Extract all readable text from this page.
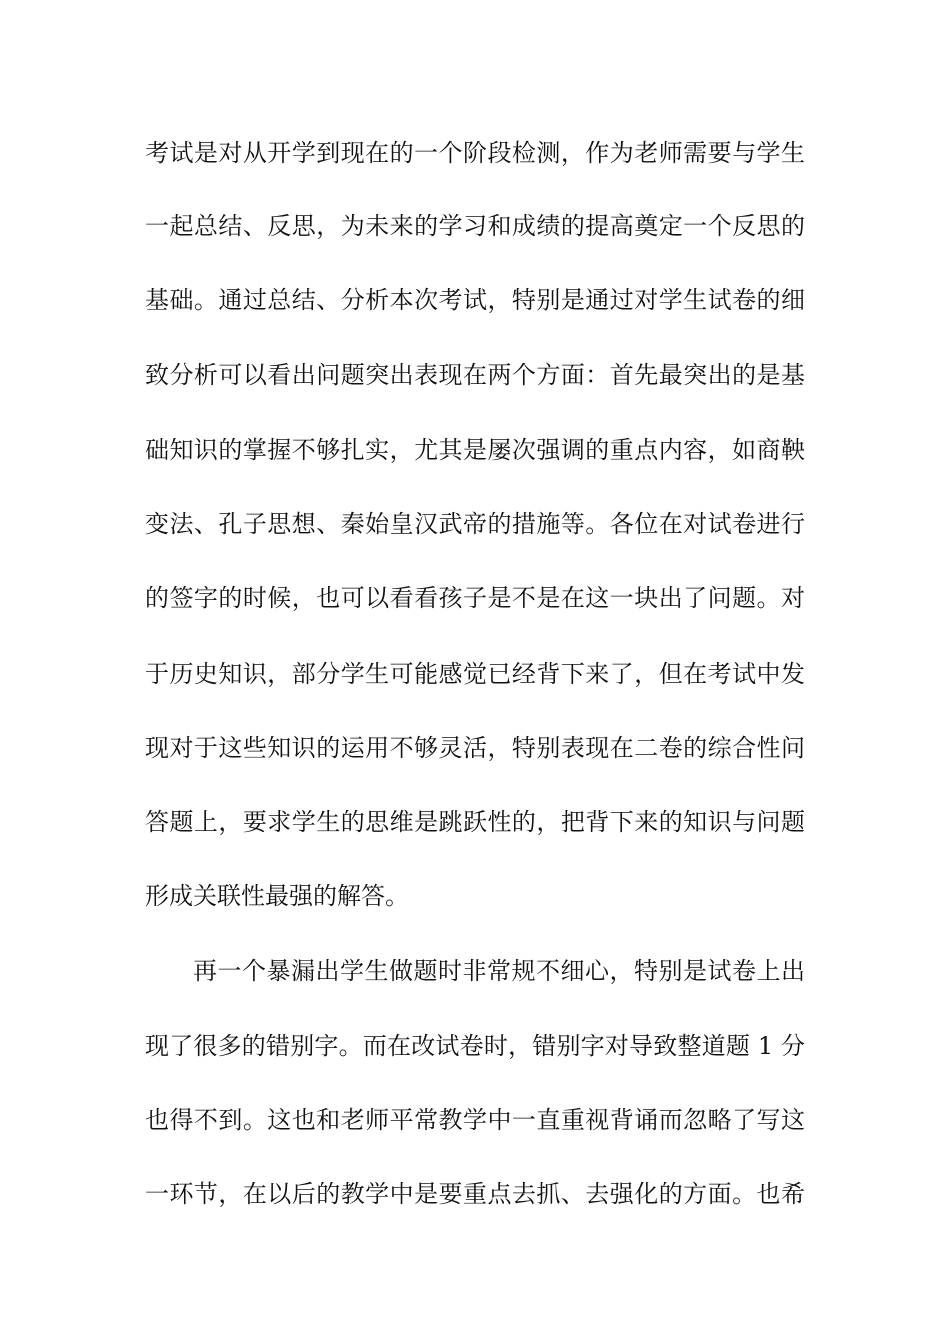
考试是对从开学到现在的一个阶段检测，作为老师需要与学生
一起总结、反思，为未来的学习和成绩的提高奠定一个反思的
基础。通过总结、分析本次考试，特别是通过对学生试卷的细
致分析可以看出问题突出表现在两个方面：首先最突出的是基
础知识的掌握不够扎实，尤其是屡次强调的重点内容，如商鞅
变法、孔子思想、秦始皇汉武帝的措施等。各位在对试卷进行
的签字的时候，也可以看看孩子是不是在这一块出了问题。对
于历史知识，部分学生可能感觉已经背下来了，但在考试中发
现对于这些知识的运用不够灵活，特别表现在二卷的综合性问
答题上，要求学生的思维是跳跃性的，把背下来的知识与问题
形成关联性最强的解答。
再一个暴漏出学生做题时非常规不细心，特别是试卷上出
现了很多的错别字。而在改试卷时，错别字对导致整道题 1 分
也得不到。这也和老师平常教学中一直重视背诵而忽略了写这
一环节，在以后的教学中是要重点去抓、去强化的方面。也希
